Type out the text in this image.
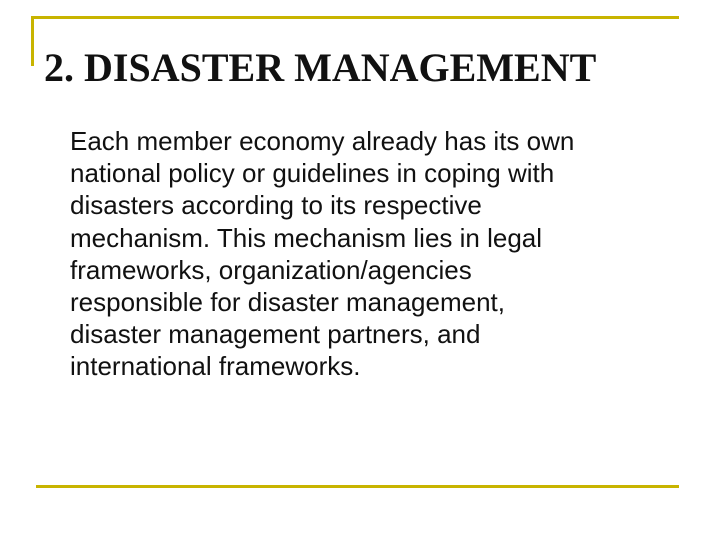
2. DISASTER MANAGEMENT

Each member economy already has its own
national policy or guidelines in coping with
disasters according to its respective
mechanism. This mechanism lies in legal
frameworks, organization/agencies
responsible for disaster management,
disaster management partners, and
international frameworks.
